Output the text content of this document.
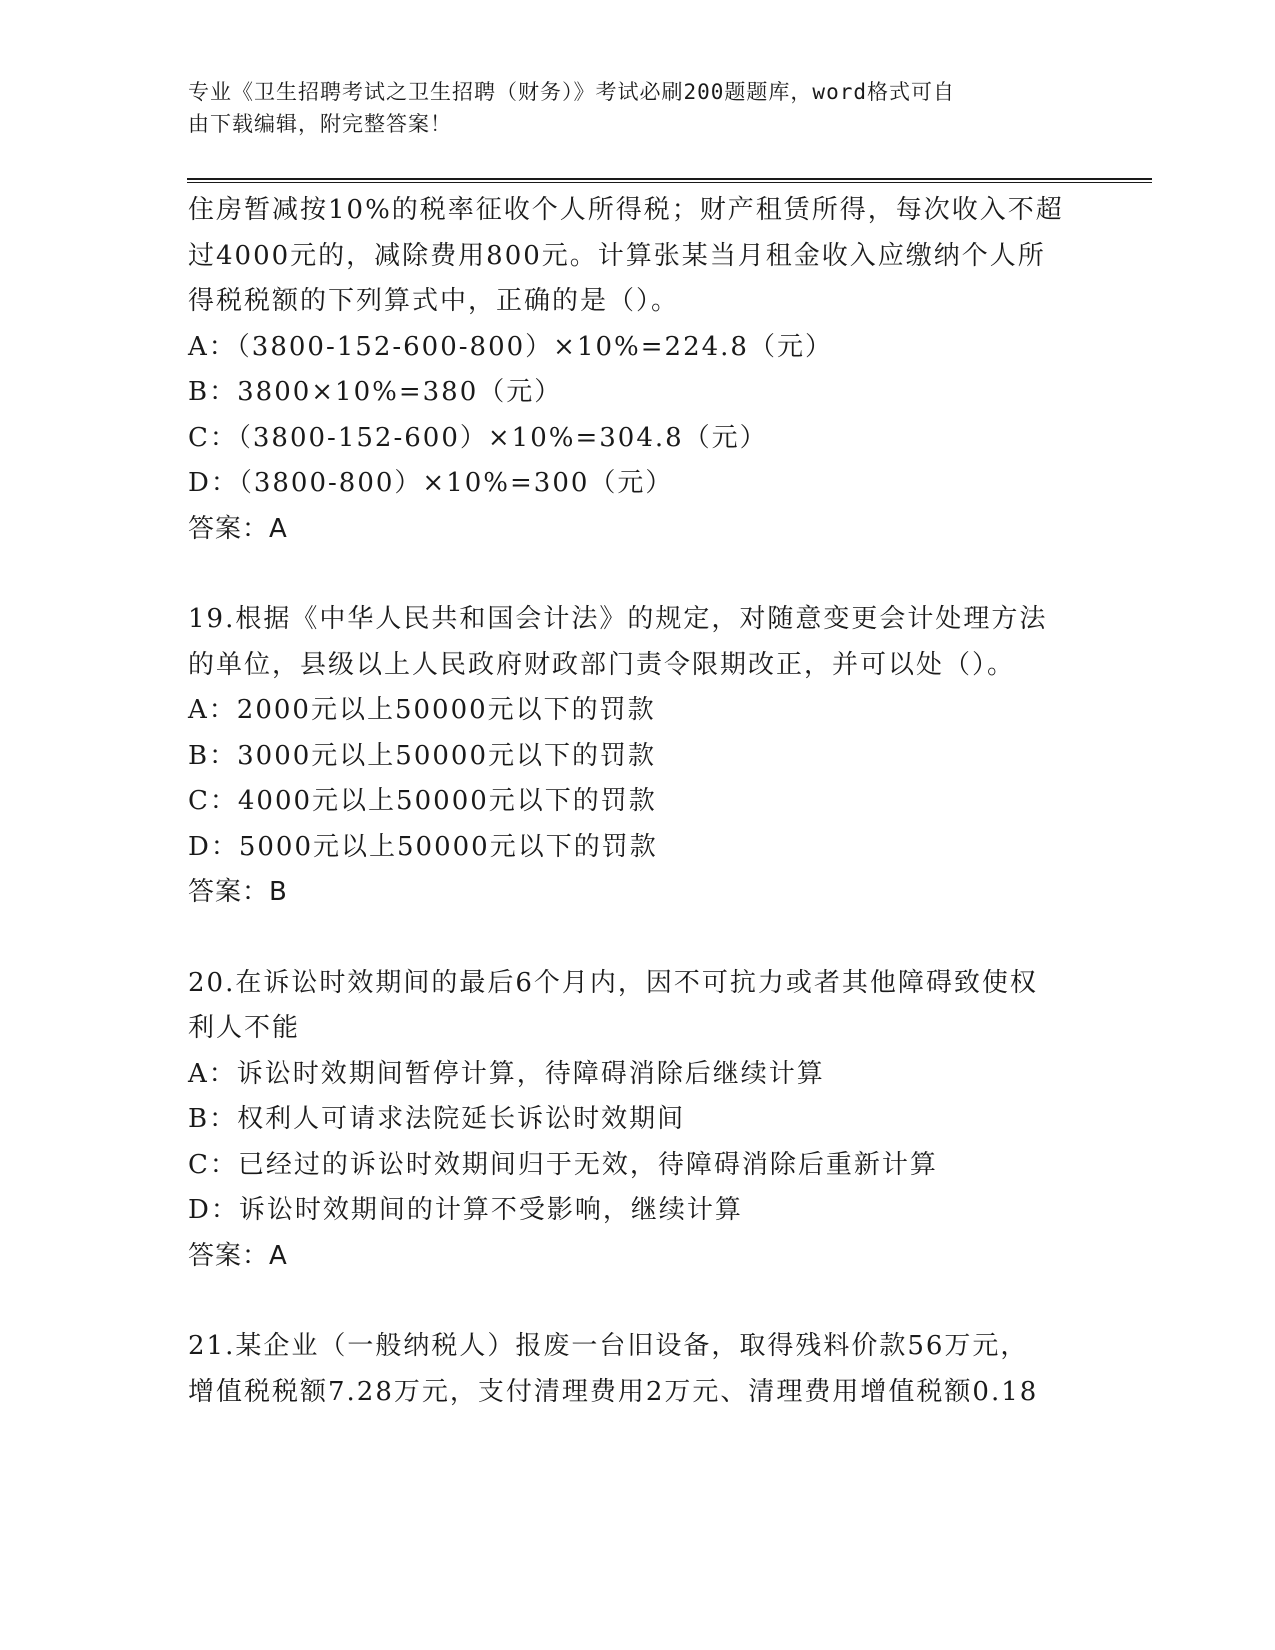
专业《卫生招聘考试之卫生招聘（财务）》考试必刷200题题库，word格式可自
由下载编辑，附完整答案！

住房暂减按10%的税率征收个人所得税；财产租赁所得，每次收入不超

过4000元的，减除费用800元。计算张某当月租金收入应缴纳个人所

得税税额的下列算式中，正确的是（）。

A：（3800-152-600-800）×10%=224.8（元）

B：3800×10%=380（元）

C：（3800-152-600）×10%=304.8（元）

D：（3800-800）×10%=300（元）

答案：A

19.根据《中华人民共和国会计法》的规定，对随意变更会计处理方法

的单位，县级以上人民政府财政部门责令限期改正，并可以处（）。

A：2000元以上50000元以下的罚款

B：3000元以上50000元以下的罚款

C：4000元以上50000元以下的罚款

D：5000元以上50000元以下的罚款

答案：B

20.在诉讼时效期间的最后6个月内，因不可抗力或者其他障碍致使权

利人不能

A：诉讼时效期间暂停计算，待障碍消除后继续计算

B：权利人可请求法院延长诉讼时效期间

C：已经过的诉讼时效期间归于无效，待障碍消除后重新计算

D：诉讼时效期间的计算不受影响，继续计算

答案：A

21.某企业（一般纳税人）报废一台旧设备，取得残料价款56万元，

增值税税额7.28万元，支付清理费用2万元、清理费用增值税额0.18
